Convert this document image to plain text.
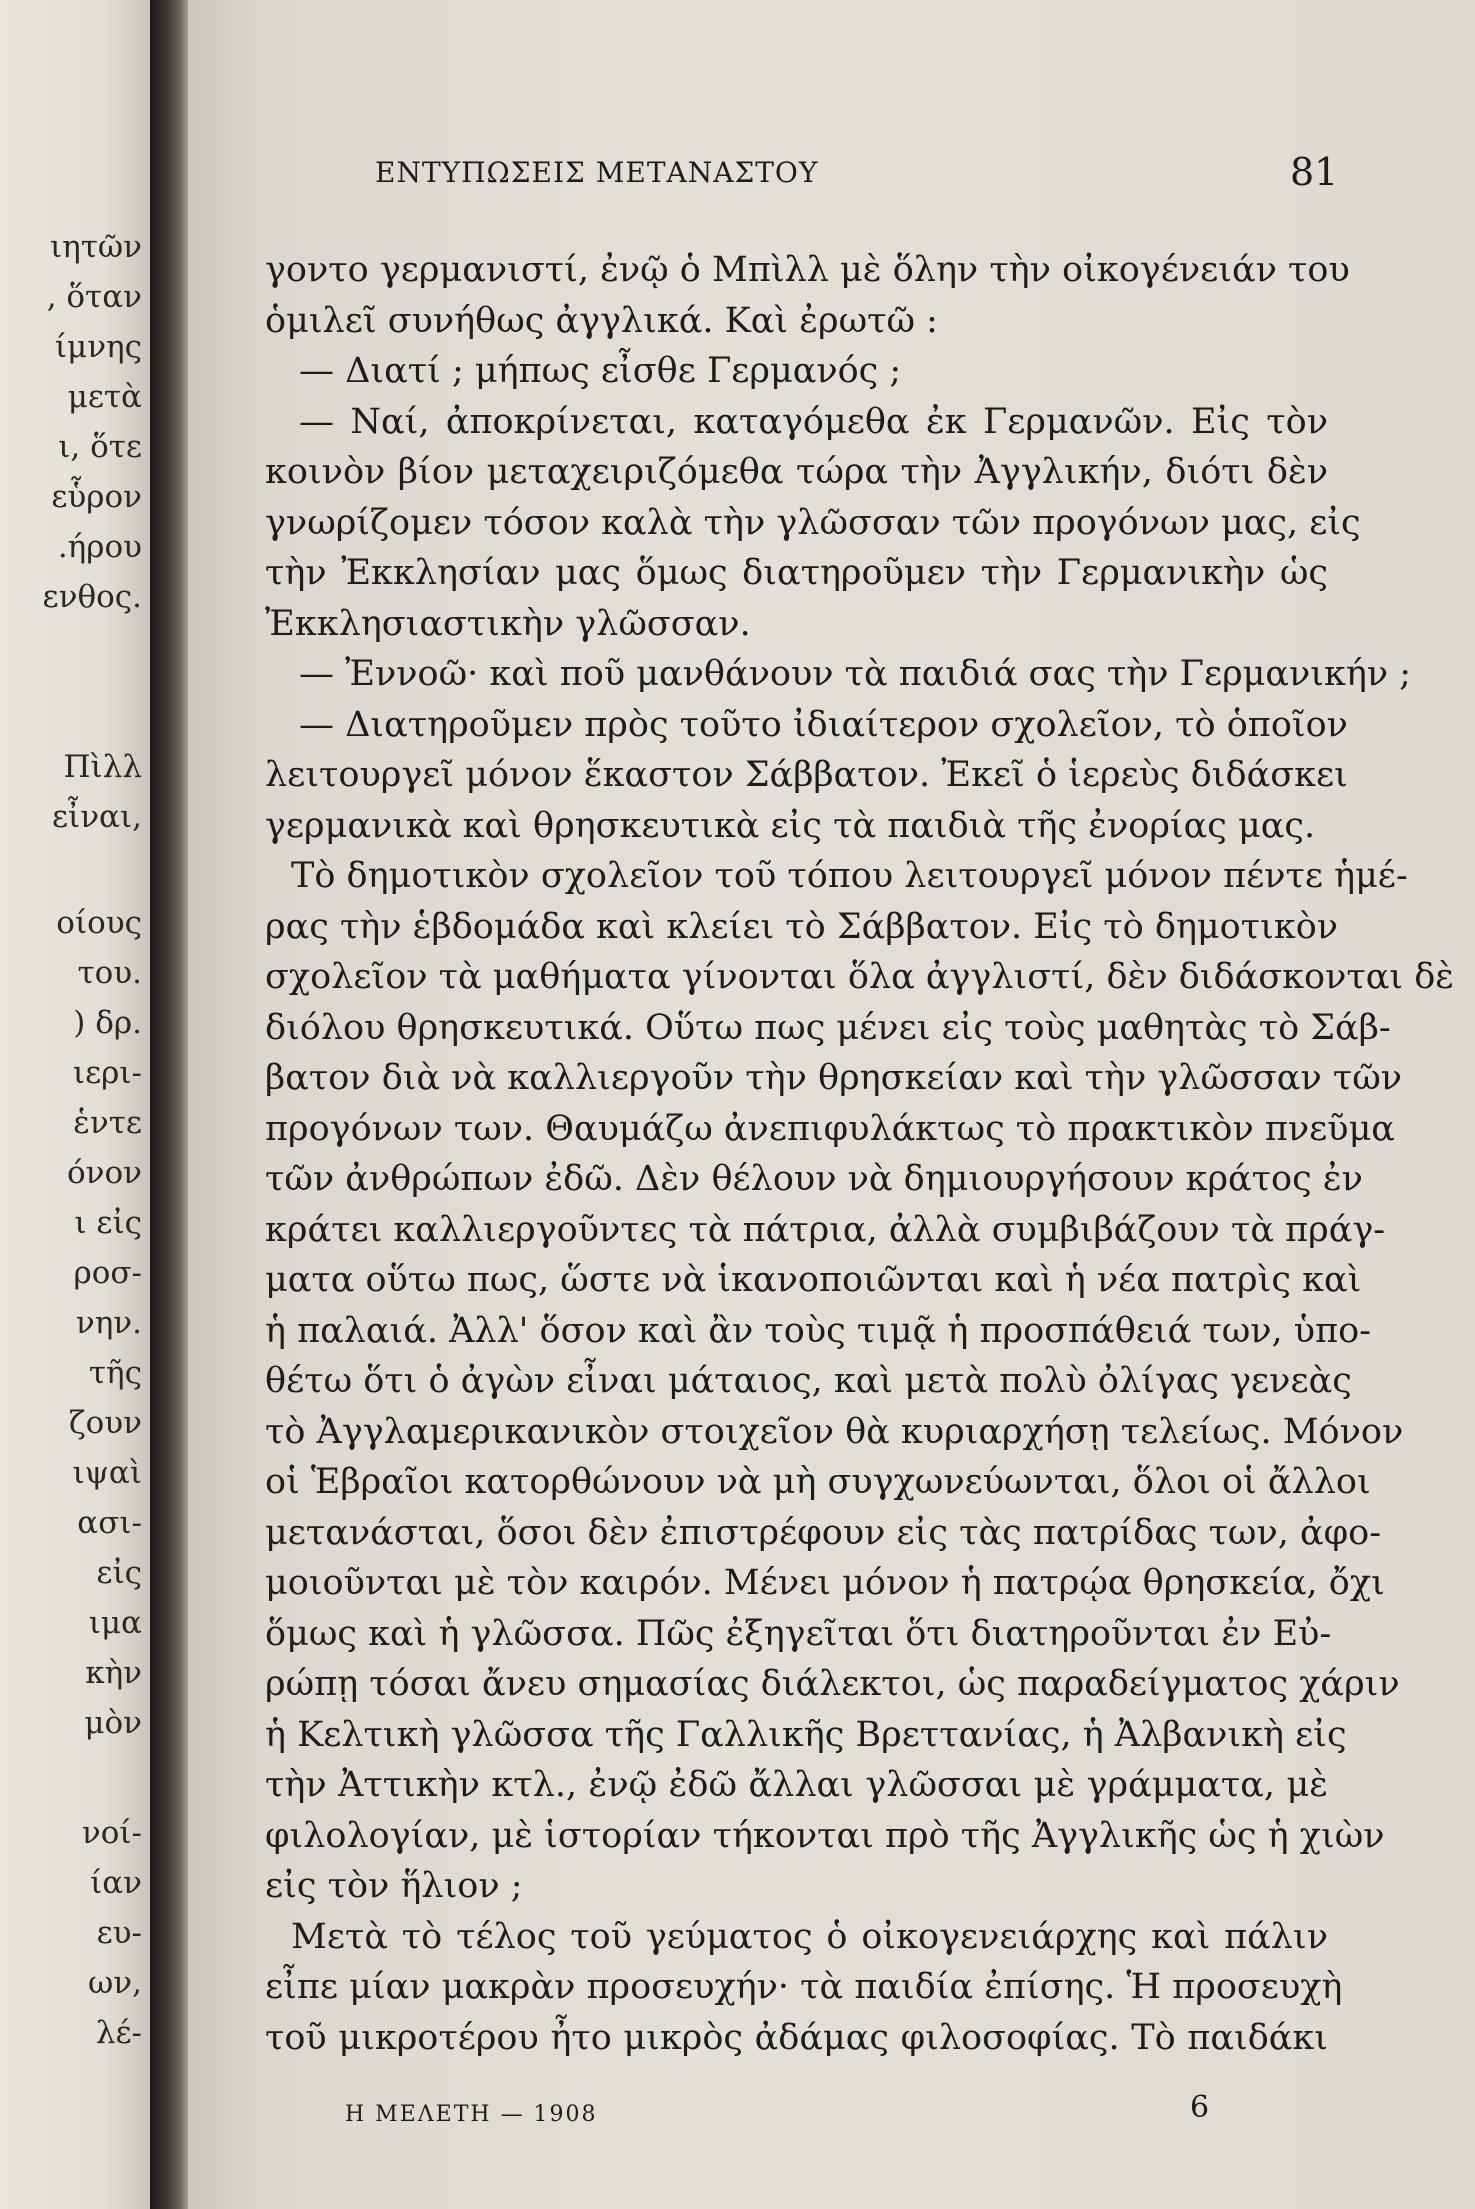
ιητῶν
, ὅταν
ίμνης
μετὰ
ι, ὅτε
εὗρον
.ήρου
ενθος.
Πὶλλ
εἶναι,
οίους
του.
) δρ.
ιερι-
ἑντε
όνον
ι εἰς
ροσ-
νην.
τῆς
ζουν
ιψαὶ
ασι-
εἰς
ιμα
κὴν
μὸν
νοί-
ίαν
ευ-
ων,
λέ-
ΕΝΤΥΠΩΣΕΙΣ ΜΕΤΑΝΑΣΤΟΥ	81
γοντο γερμανιστί, ἐνῷ ὁ Μπὶλλ μὲ ὅλην τὴν οἰκογένειάν του
ὁμιλεῖ συνήθως ἀγγλικά. Καὶ ἐρωτῶ :
— Διατί ; μήπως εἶσθε Γερμανός ;
— Ναί, ἀποκρίνεται, καταγόμεθα ἐκ Γερμανῶν. Εἰς τὸν
κοινὸν βίον μεταχειριζόμεθα τώρα τὴν Ἀγγλικήν, διότι δὲν
γνωρίζομεν τόσον καλὰ τὴν γλῶσσαν τῶν προγόνων μας, εἰς
τὴν Ἐκκλησίαν μας ὅμως διατηροῦμεν τὴν Γερμανικὴν ὡς
Ἐκκλησιαστικὴν γλῶσσαν.
— Ἐννοῶ· καὶ ποῦ μανθάνουν τὰ παιδιά σας τὴν Γερμανικήν ;
— Διατηροῦμεν πρὸς τοῦτο ἰδιαίτερον σχολεῖον, τὸ ὁποῖον
λειτουργεῖ μόνον ἕκαστον Σάββατον. Ἐκεῖ ὁ ἱερεὺς διδάσκει
γερμανικὰ καὶ θρησκευτικὰ εἰς τὰ παιδιὰ τῆς ἐνορίας μας.
Τὸ δημοτικὸν σχολεῖον τοῦ τόπου λειτουργεῖ μόνον πέντε ἡμέ-
ρας τὴν ἑβδομάδα καὶ κλείει τὸ Σάββατον. Εἰς τὸ δημοτικὸν
σχολεῖον τὰ μαθήματα γίνονται ὅλα ἀγγλιστί, δὲν διδάσκονται δὲ
διόλου θρησκευτικά. Οὕτω πως μένει εἰς τοὺς μαθητὰς τὸ Σάβ-
βατον διὰ νὰ καλλιεργοῦν τὴν θρησκείαν καὶ τὴν γλῶσσαν τῶν
προγόνων των. Θαυμάζω ἀνεπιφυλάκτως τὸ πρακτικὸν πνεῦμα
τῶν ἀνθρώπων ἐδῶ. Δὲν θέλουν νὰ δημιουργήσουν κράτος ἐν
κράτει καλλιεργοῦντες τὰ πάτρια, ἀλλὰ συμβιβάζουν τὰ πράγ-
ματα οὕτω πως, ὥστε νὰ ἱκανοποιῶνται καὶ ἡ νέα πατρὶς καὶ
ἡ παλαιά. Ἀλλ' ὅσον καὶ ἂν τοὺς τιμᾷ ἡ προσπάθειά των, ὑπο-
θέτω ὅτι ὁ ἀγὼν εἶναι μάταιος, καὶ μετὰ πολὺ ὀλίγας γενεὰς
τὸ Ἀγγλαμερικανικὸν στοιχεῖον θὰ κυριαρχήσῃ τελείως. Μόνον
οἱ Ἑβραῖοι κατορθώνουν νὰ μὴ συγχωνεύωνται, ὅλοι οἱ ἄλλοι
μετανάσται, ὅσοι δὲν ἐπιστρέφουν εἰς τὰς πατρίδας των, ἀφο-
μοιοῦνται μὲ τὸν καιρόν. Μένει μόνον ἡ πατρῴα θρησκεία, ὄχι
ὅμως καὶ ἡ γλῶσσα. Πῶς ἐξηγεῖται ὅτι διατηροῦνται ἐν Εὐ-
ρώπῃ τόσαι ἄνευ σημασίας διάλεκτοι, ὡς παραδείγματος χάριν
ἡ Κελτικὴ γλῶσσα τῆς Γαλλικῆς Βρεττανίας, ἡ Ἀλβανικὴ εἰς
τὴν Ἀττικὴν κτλ., ἐνῷ ἐδῶ ἄλλαι γλῶσσαι μὲ γράμματα, μὲ
φιλολογίαν, μὲ ἱστορίαν τήκονται πρὸ τῆς Ἀγγλικῆς ὡς ἡ χιὼν
εἰς τὸν ἥλιον ;
Μετὰ τὸ τέλος τοῦ γεύματος ὁ οἰκογενειάρχης καὶ πάλιν
εἶπε μίαν μακρὰν προσευχήν· τὰ παιδία ἐπίσης. Ἡ προσευχὴ
τοῦ μικροτέρου ἦτο μικρὸς ἀδάμας φιλοσοφίας. Τὸ παιδάκι
Η ΜΕΛΕΤΗ — 1908	6
